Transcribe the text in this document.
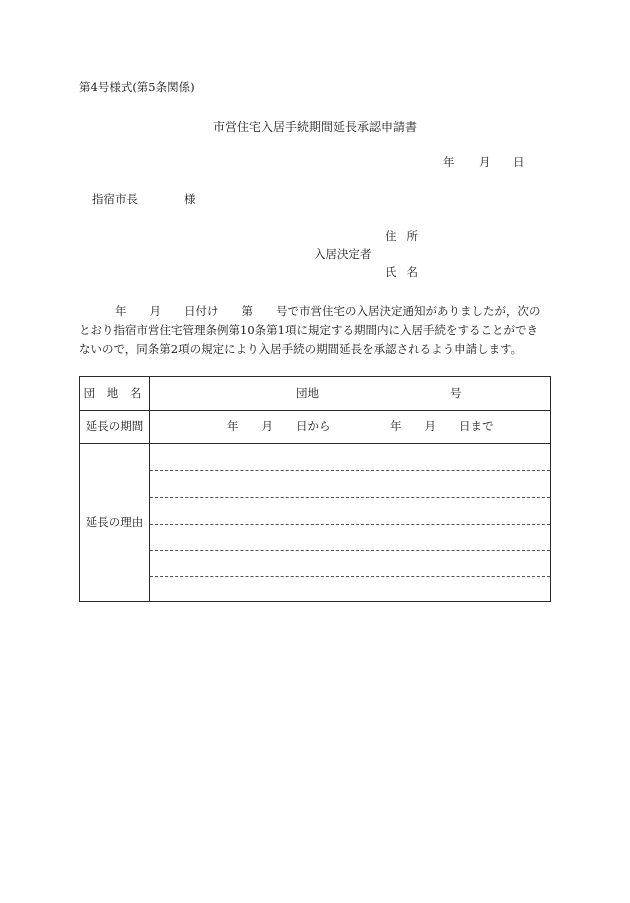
第4号様式(第5条関係)
市営住宅入居手続期間延長承認申請書
年 月 日
指宿市長	様
住所
入居決定者
氏名
年　　月　　日付け　　第　　号で市営住宅の入居決定通知がありましたが，次の
とおり指宿市営住宅管理条例第10条第1項に規定する期間内に入居手続をすることができ
ないので，同条第2項の規定により入居手続の期間延長を承認されるよう申請します。
団 地 名	団地	号
延長の期間	年　　月　　日から	年　　月　　日まで
延長の理由
